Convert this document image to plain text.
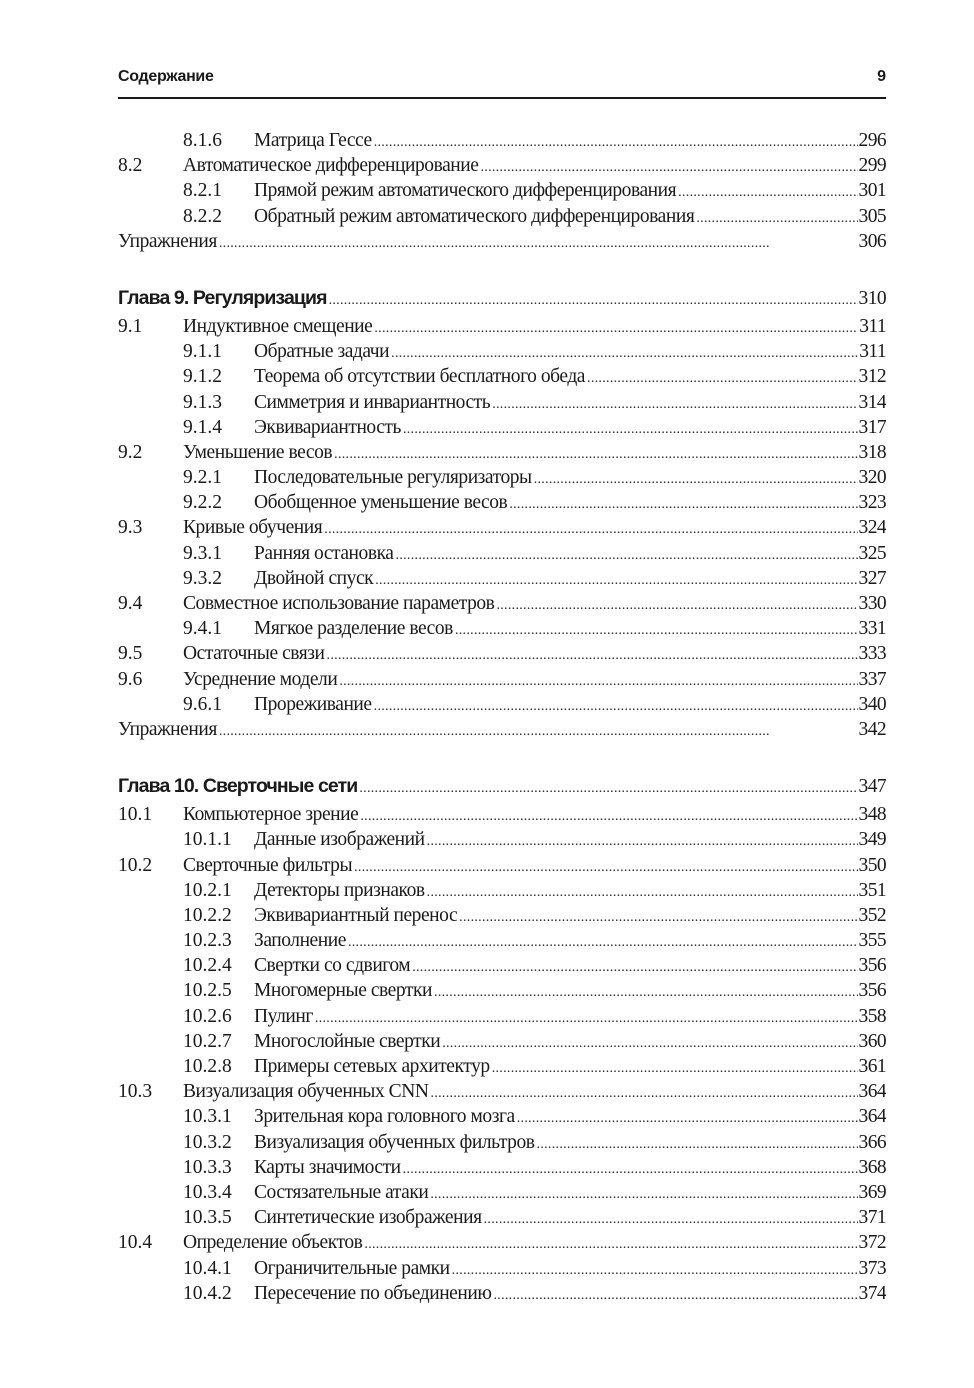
Содержание	9
8.1.6 Матрица Гессе . . .	296
8.2 Автоматическое дифференцирование . . .	299
8.2.1 Прямой режим автоматического дифференцирования . . .	301
8.2.2 Обратный режим автоматического дифференцирования . . .	305
Упражнения . . .	306
Глава 9. Регуляризация . . .	310
9.1 Индуктивное смещение . . .	311
9.1.1 Обратные задачи . . .	311
9.1.2 Теорема об отсутствии бесплатного обеда . . .	312
9.1.3 Симметрия и инвариантность . . .	314
9.1.4 Эквивариантность . . .	317
9.2 Уменьшение весов . . .	318
9.2.1 Последовательные регуляризаторы . . .	320
9.2.2 Обобщенное уменьшение весов . . .	323
9.3 Кривые обучения . . .	324
9.3.1 Ранняя остановка . . .	325
9.3.2 Двойной спуск . . .	327
9.4 Совместное использование параметров . . .	330
9.4.1 Мягкое разделение весов . . .	331
9.5 Остаточные связи . . .	333
9.6 Усреднение модели . . .	337
9.6.1 Прореживание . . .	340
Упражнения . . .	342
Глава 10. Сверточные сети . . .	347
10.1 Компьютерное зрение . . .	348
10.1.1 Данные изображений . . .	349
10.2 Сверточные фильтры . . .	350
10.2.1 Детекторы признаков . . .	351
10.2.2 Эквивариантный перенос . . .	352
10.2.3 Заполнение . . .	355
10.2.4 Свертки со сдвигом . . .	356
10.2.5 Многомерные свертки . . .	356
10.2.6 Пулинг . . .	358
10.2.7 Многослойные свертки . . .	360
10.2.8 Примеры сетевых архитектур . . .	361
10.3 Визуализация обученных CNN . . .	364
10.3.1 Зрительная кора головного мозга . . .	364
10.3.2 Визуализация обученных фильтров . . .	366
10.3.3 Карты значимости . . .	368
10.3.4 Состязательные атаки . . .	369
10.3.5 Синтетические изображения . . .	371
10.4 Определение объектов . . .	372
10.4.1 Ограничительные рамки . . .	373
10.4.2 Пересечение по объединению . . .	374
